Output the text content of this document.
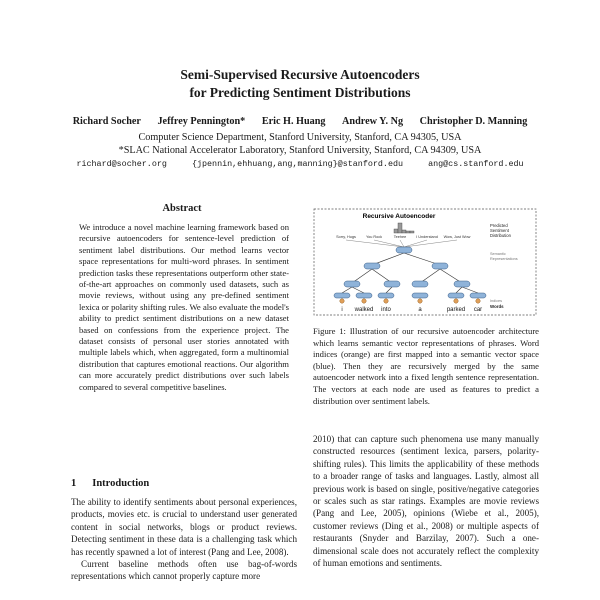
Semi-Supervised Recursive Autoencoders
for Predicting Sentiment Distributions
Richard Socher Jeffrey Pennington* Eric H. Huang Andrew Y. Ng Christopher D. Manning
Computer Science Department, Stanford University, Stanford, CA 94305, USA
*SLAC National Accelerator Laboratory, Stanford University, Stanford, CA 94309, USA
richard@socher.org	{jpennin,ehhuang,ang,manning}@stanford.edu	ang@cs.stanford.edu
Abstract

We introduce a novel machine learning framework based on recursive autoencoders for sentence-level prediction of sentiment label distributions. Our method learns vector space representations for multi-word phrases. In sentiment prediction tasks these representations outperform other state-of-the-art approaches on commonly used datasets, such as movie reviews, without using any pre-defined sentiment lexica or polarity shifting rules. We also evaluate the model's ability to predict sentiment distributions on a new dataset based on confessions from the experience project. The dataset consists of personal user stories annotated with multiple labels which, when aggregated, form a multinomial distribution that captures emotional reactions. Our algorithm can more accurately predict distributions over such labels compared to several competitive baselines.

1 Introduction

The ability to identify sentiments about personal experiences, products, movies etc. is crucial to understand user generated content in social networks, blogs or product reviews. Detecting sentiment in these data is a challenging task which has recently spawned a lot of interest (Pang and Lee, 2008).

Current baseline methods often use bag-of-words representations which cannot properly capture more

Recursive Autoencoder
Sorry, Hugs	You Rock	Teehee	I Understand Wow, Just Wow
i walked into	a	parked car
Predicted
Sentiment
Distribution
Semantic
Representations
Indices
Words

Figure 1: Illustration of our recursive autoencoder architecture which learns semantic vector representations of phrases. Word indices (orange) are first mapped into a semantic vector space (blue). Then they are recursively merged by the same autoencoder network into a fixed length sentence representation. The vectors at each node are used as features to predict a distribution over sentiment labels.

2010) that can capture such phenomena use many manually constructed resources (sentiment lexica, parsers, polarity-shifting rules). This limits the applicability of these methods to a broader range of tasks and languages. Lastly, almost all previous work is based on single, positive/negative categories or scales such as star ratings. Examples are movie reviews (Pang and Lee, 2005), opinions (Wiebe et al., 2005), customer reviews (Ding et al., 2008) or multiple aspects of restaurants (Snyder and Barzilay, 2007). Such a one-dimensional scale does not accurately reflect the complexity of human emotions and sentiments.
